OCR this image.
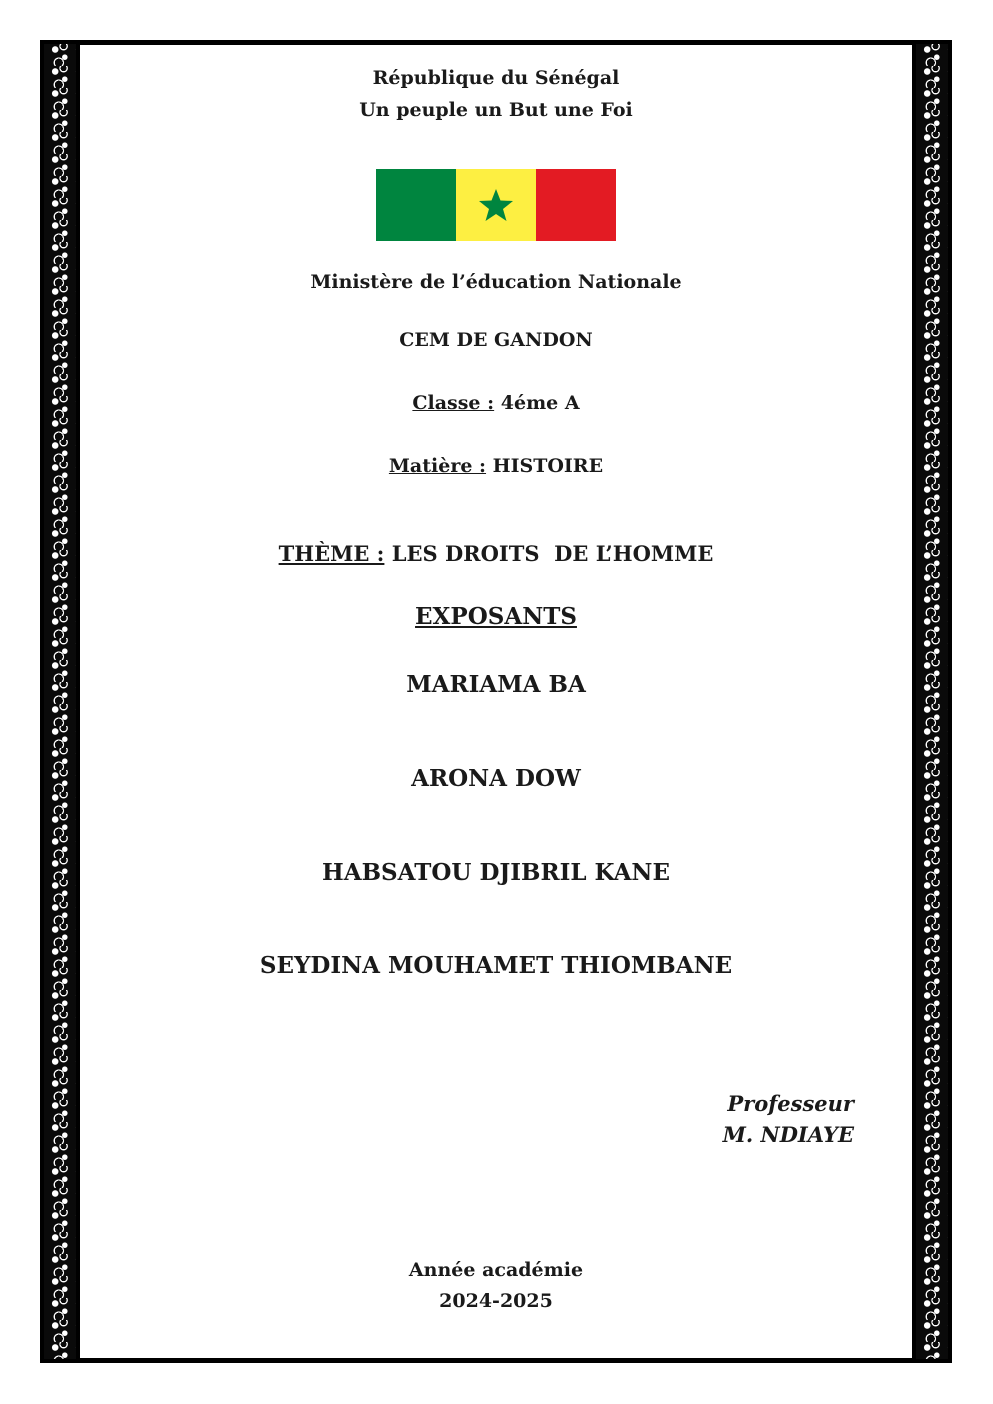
République du Sénégal
Un peuple un But une Foi
Ministère de l’éducation Nationale
CEM DE GANDON
Classe : 4éme A
Matière : HISTOIRE
THÈME : LES DROITS  DE L’HOMME
EXPOSANTS
MARIAMA BA
ARONA DOW
HABSATOU DJIBRIL KANE
SEYDINA MOUHAMET THIOMBANE
Professeur
M. NDIAYE
Année académie
2024-2025
